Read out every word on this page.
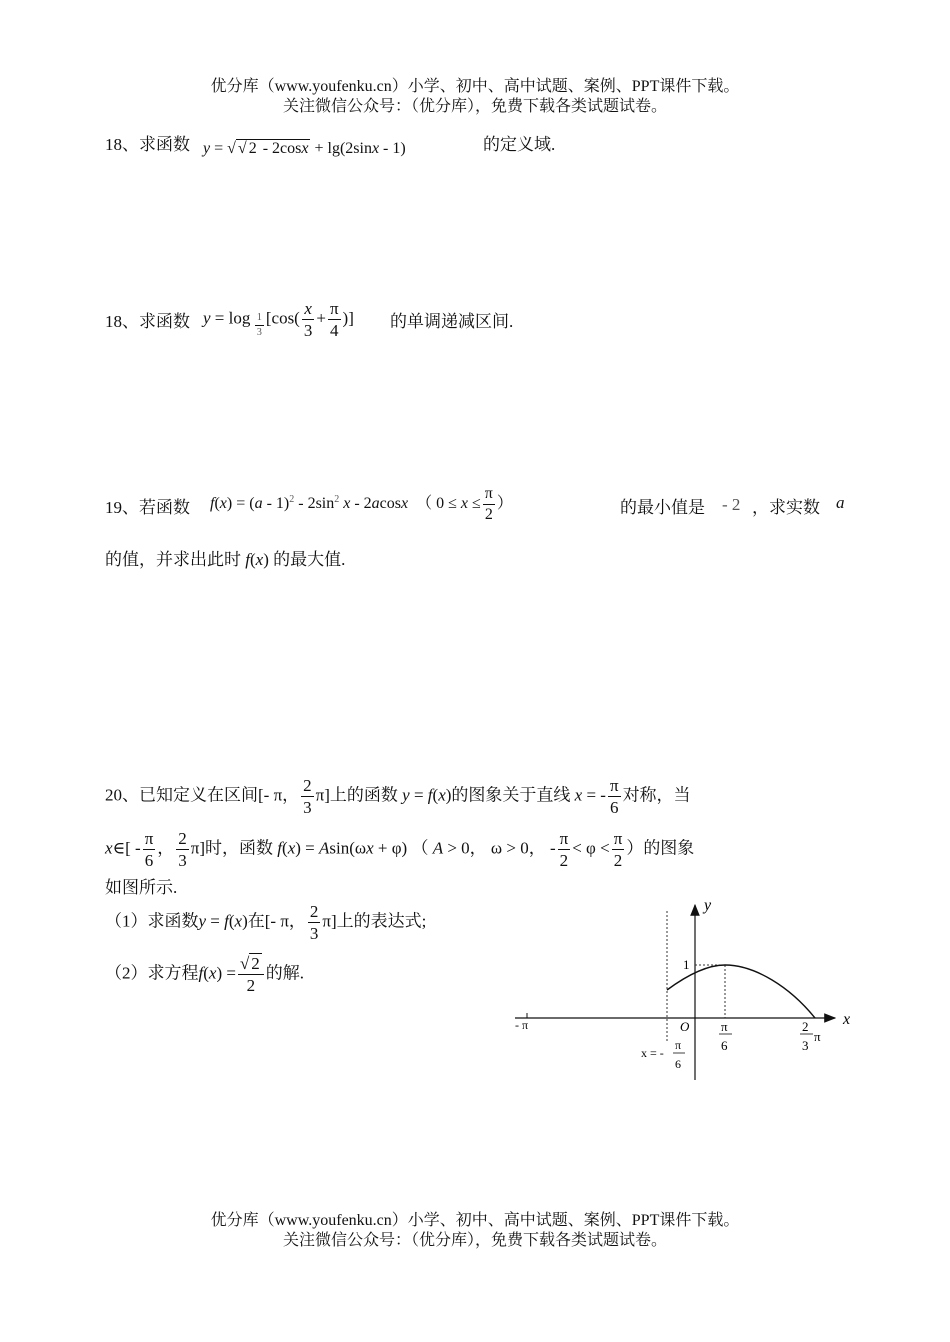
优分库（www.youfenku.cn）小学、初中、高中试题、案例、PPT课件下载。
关注微信公众号：（优分库），免费下载各类试题试卷。
18、求函数 y = √ √ 2 - 2cosx + lg(2sinx - 1)	的定义域.
18、求函数 y = log $_{\frac{1}{3}}$ [$\cos( \frac{x}{3} + \frac{\pi}{4}$ )] 的单调递减区间.
19、若函数 $f(x) = (a - 1)^2 - 2\sin^2$ x - 2acosx  （ $0 \le x \le \frac{\pi}{2}$ ）	的最小值是 - 2 ，求实数 a
的值，并求出此时 f(x) 的最大值.
20、已知定义在区间[- π， $\frac{2}{3} \pi$]上的函数 y = f(x)的图象关于直线 x = - $\frac{\pi}{6}$ 对称，当
x∈[ - $\frac{\pi}{6}$ ， $\frac{2}{3} \pi$]时，函数 f(x) = Asin(ωx + φ) （ A > 0， ω > 0， - $\frac{\pi}{2} < \varphi < \frac{\pi}{2}$ ）的图象
如图所示.
（1）求函数y = f(x)在[- π， $\frac{2}{3} \pi$]上的表达式;
（2）求方程$f(x) = \frac{√ 2}{2}$ 的解.
x
y
O
1
- π	π
6
2
3
π
x = -
π
6
优分库（www.youfenku.cn）小学、初中、高中试题、案例、PPT课件下载。
关注微信公众号：（优分库），免费下载各类试题试卷。
